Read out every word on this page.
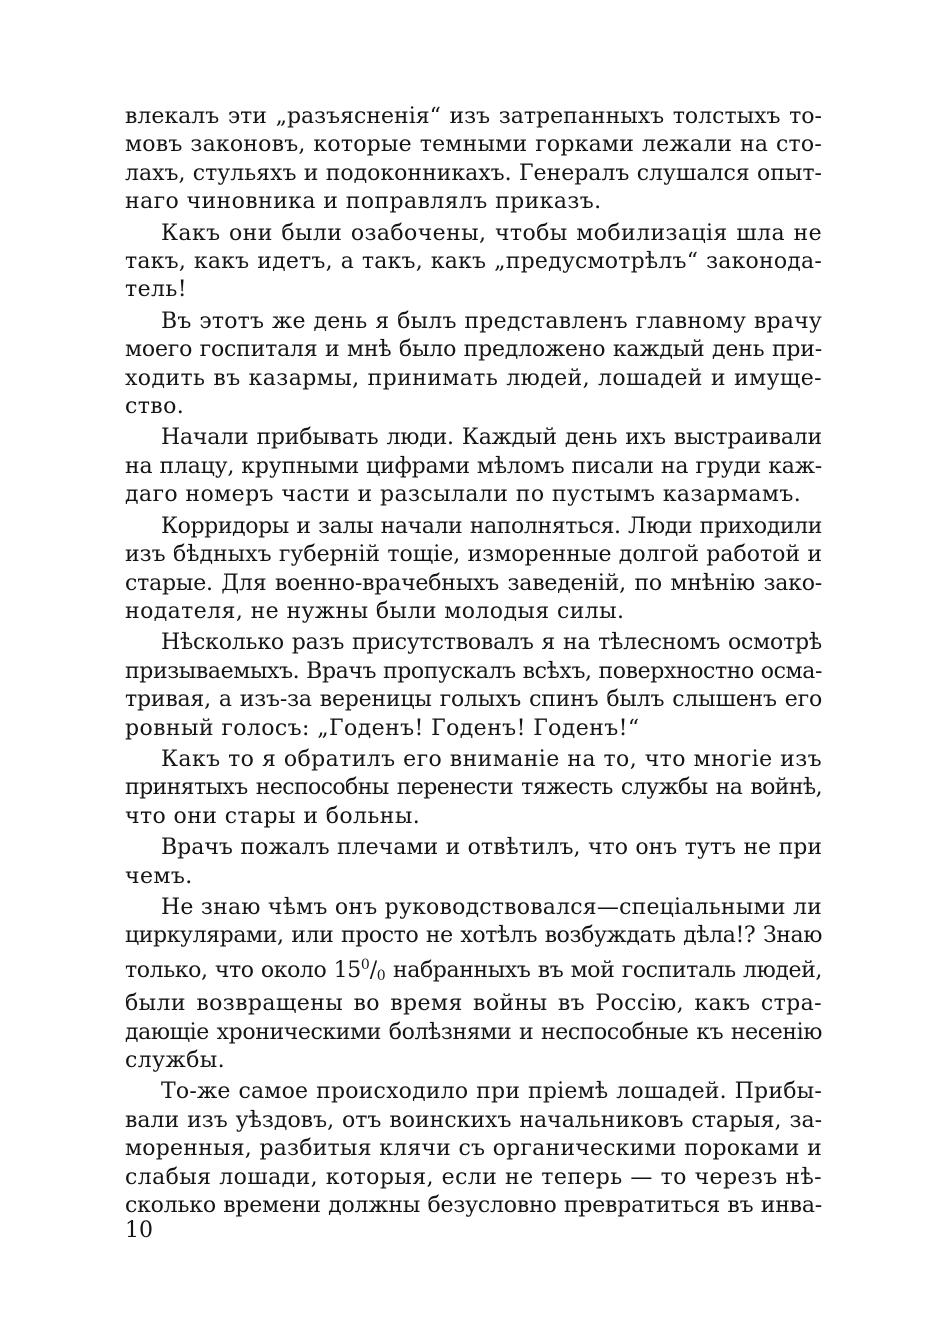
влекалъ эти „разъясненія“ изъ затрепанныхъ толстыхъ то-
мовъ законовъ, которые темными горками лежали на сто-
лахъ, стульяхъ и подоконникахъ. Генералъ слушался опыт-
наго чиновника и поправлялъ приказъ.
Какъ они были озабочены, чтобы мобилизація шла не
такъ, какъ идетъ, а такъ, какъ „предусмотрѣлъ“ законода-
тель!
Въ этотъ же день я былъ представленъ главному врачу
моего госпиталя и мнѣ было предложено каждый день при-
ходить въ казармы, принимать людей, лошадей и имуще-
ство.
Начали прибывать люди. Каждый день ихъ выстраивали
на плацу, крупными цифрами мѣломъ писали на груди каж-
даго номеръ части и разсылали по пустымъ казармамъ.
Корридоры и залы начали наполняться. Люди приходили
изъ бѣдныхъ губерній тощіе, изморенные долгой работой и
старые. Для военно-врачебныхъ заведеній, по мнѣнію зако-
нодателя, не нужны были молодыя силы.
Нѣсколько разъ присутствовалъ я на тѣлесномъ осмотрѣ
призываемыхъ. Врачъ пропускалъ всѣхъ, поверхностно осма-
тривая, а изъ-за вереницы голыхъ спинъ былъ слышенъ его
ровный голосъ: „Годенъ! Годенъ! Годенъ!“
Какъ то я обратилъ его вниманіе на то, что многіе изъ
принятыхъ неспособны перенести тяжесть службы на войнѣ,
что они стары и больны.
Врачъ пожалъ плечами и отвѣтилъ, что онъ тутъ не при
чемъ.
Не знаю чѣмъ онъ руководствовался—спеціальными ли
циркулярами, или просто не хотѣлъ возбуждать дѣла!? Знаю
только, что около $15^0/_0$ набранныхъ въ мой госпиталь людей,
были возвращены во время войны въ Россію, какъ стра-
дающіе хроническими болѣзнями и неспособные къ несенію
службы.
То-же самое происходило при пріемѣ лошадей. Прибы-
вали изъ уѣздовъ, отъ воинскихъ начальниковъ старыя, за-
моренныя, разбитыя клячи съ органическими пороками и
слабыя лошади, которыя, если не теперь — то черезъ нѣ-
сколько времени должны безусловно превратиться въ инва-
10
